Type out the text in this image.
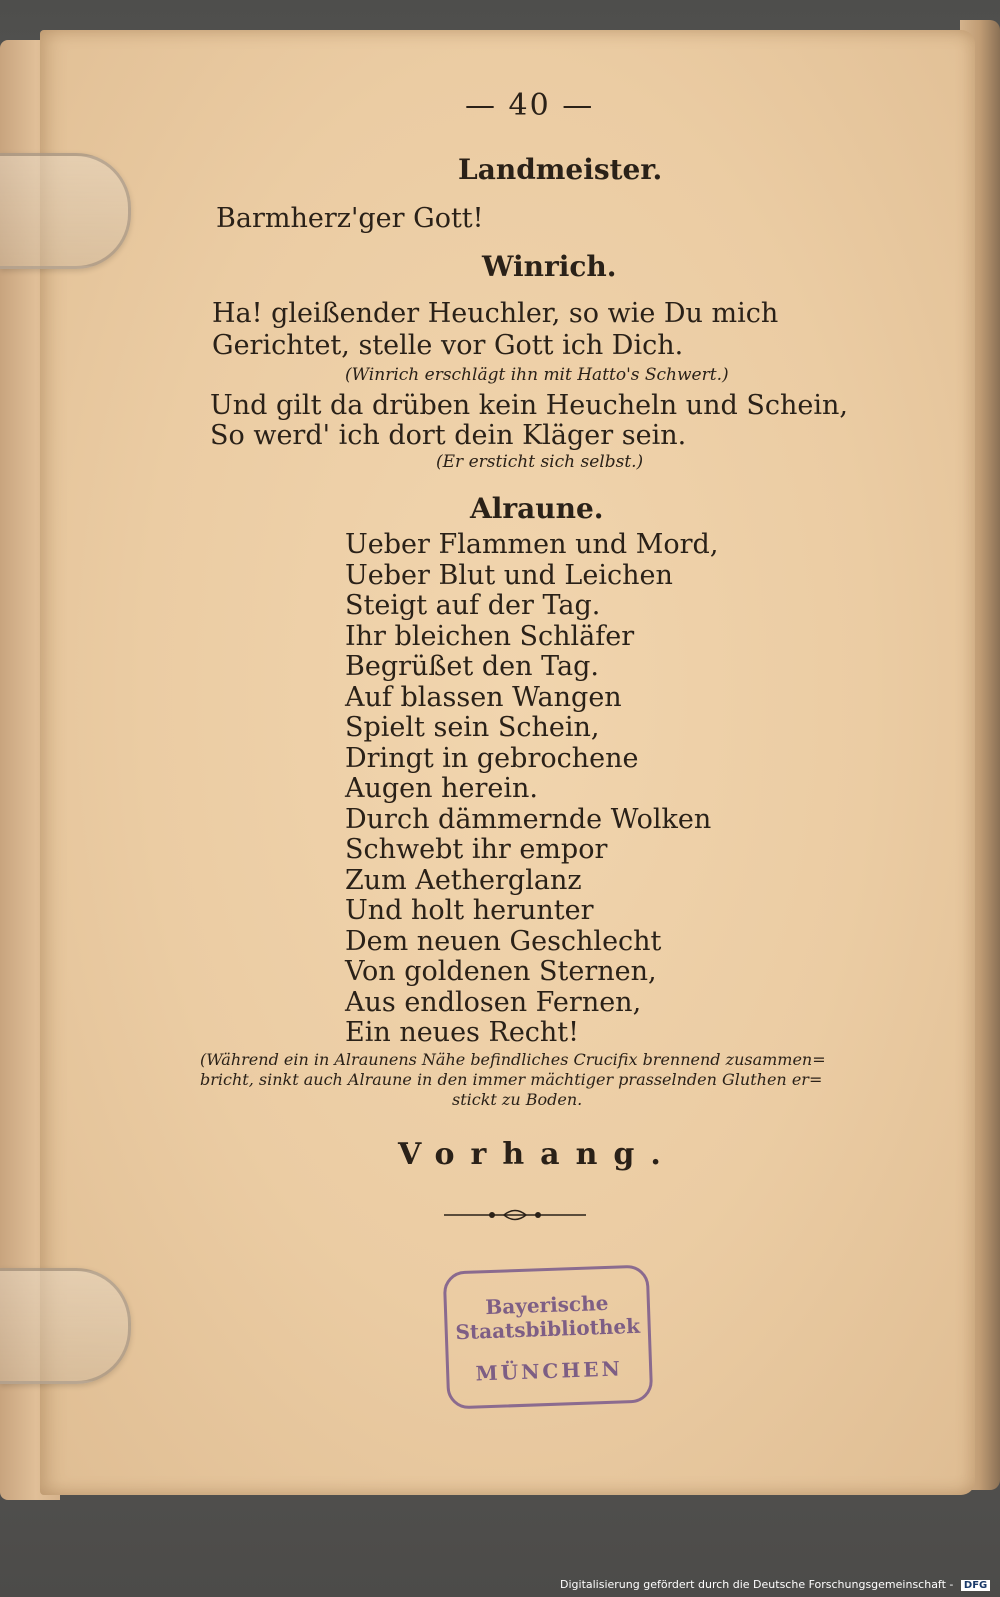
— 40 —

Landmeister.

Barmherz'ger Gott!

Winrich.

Ha! gleißender Heuchler, so wie Du mich

Gerichtet, stelle vor Gott ich Dich.

(Winrich erschlägt ihn mit Hatto's Schwert.)

Und gilt da drüben kein Heucheln und Schein,

So werd' ich dort dein Kläger sein.

(Er ersticht sich selbst.)

Alraune.

Ueber Flammen und Mord,
Ueber Blut und Leichen
Steigt auf der Tag.
Ihr bleichen Schläfer
Begrüßet den Tag.
Auf blassen Wangen
Spielt sein Schein,
Dringt in gebrochene
Augen herein.
Durch dämmernde Wolken
Schwebt ihr empor
Zum Aetherglanz
Und holt herunter
Dem neuen Geschlecht
Von goldenen Sternen,
Aus endlosen Fernen,
Ein neues Recht!

(Während ein in Alraunens Nähe befindliches Crucifix brennend zusammen=

bricht, sinkt auch Alraune in den immer mächtiger prasselnden Gluthen er=

stickt zu Boden.

Vorhang.

Bayerische
Staatsbibliothek
MÜNCHEN
Digitalisierung gefördert durch die Deutsche Forschungsgemeinschaft - DFG
